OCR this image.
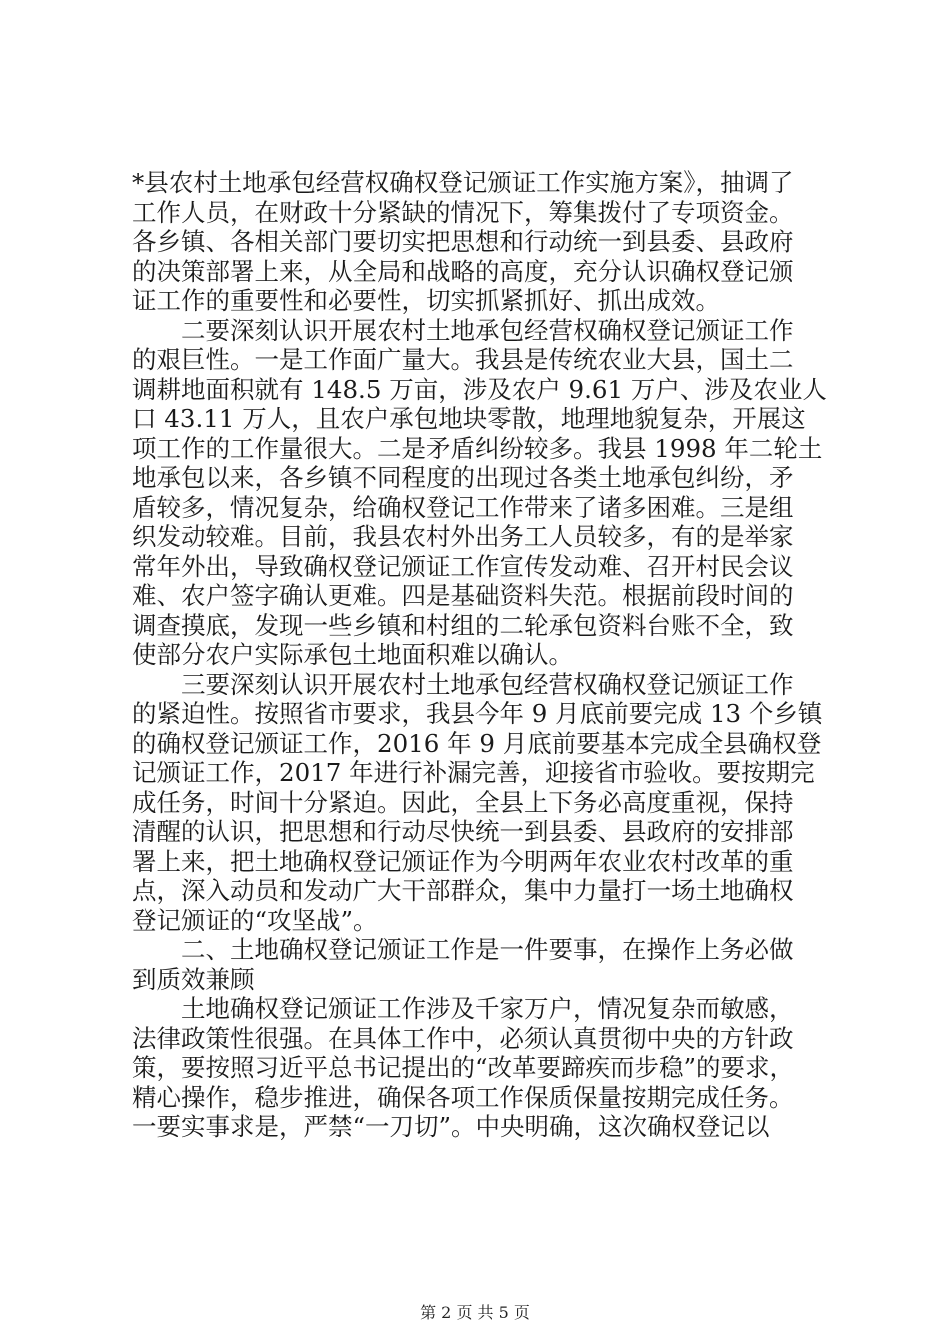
*县农村土地承包经营权确权登记颁证工作实施方案》，抽调了
工作人员，在财政十分紧缺的情况下，筹集拨付了专项资金。
各乡镇、各相关部门要切实把思想和行动统一到县委、县政府
的决策部署上来，从全局和战略的高度，充分认识确权登记颁
证工作的重要性和必要性，切实抓紧抓好、抓出成效。
　　二要深刻认识开展农村土地承包经营权确权登记颁证工作
的艰巨性。一是工作面广量大。我县是传统农业大县，国土二
调耕地面积就有 148.5 万亩，涉及农户 9.61 万户、涉及农业人
口 43.11 万人，且农户承包地块零散，地理地貌复杂，开展这
项工作的工作量很大。二是矛盾纠纷较多。我县 1998 年二轮土
地承包以来，各乡镇不同程度的出现过各类土地承包纠纷，矛
盾较多，情况复杂，给确权登记工作带来了诸多困难。三是组
织发动较难。目前，我县农村外出务工人员较多，有的是举家
常年外出，导致确权登记颁证工作宣传发动难、召开村民会议
难、农户签字确认更难。四是基础资料失范。根据前段时间的
调查摸底，发现一些乡镇和村组的二轮承包资料台账不全，致
使部分农户实际承包土地面积难以确认。
　　三要深刻认识开展农村土地承包经营权确权登记颁证工作
的紧迫性。按照省市要求，我县今年 9 月底前要完成 13 个乡镇
的确权登记颁证工作，2016 年 9 月底前要基本完成全县确权登
记颁证工作，2017 年进行补漏完善，迎接省市验收。要按期完
成任务，时间十分紧迫。因此，全县上下务必高度重视，保持
清醒的认识，把思想和行动尽快统一到县委、县政府的安排部
署上来，把土地确权登记颁证作为今明两年农业农村改革的重
点，深入动员和发动广大干部群众，集中力量打一场土地确权
登记颁证的“攻坚战”。
　　二、土地确权登记颁证工作是一件要事，在操作上务必做
到质效兼顾
　　土地确权登记颁证工作涉及千家万户，情况复杂而敏感，
法律政策性很强。在具体工作中，必须认真贯彻中央的方针政
策，要按照习近平总书记提出的“改革要蹄疾而步稳”的要求，
精心操作，稳步推进，确保各项工作保质保量按期完成任务。
一要实事求是，严禁“一刀切”。中央明确，这次确权登记以
第 2 页 共 5 页
